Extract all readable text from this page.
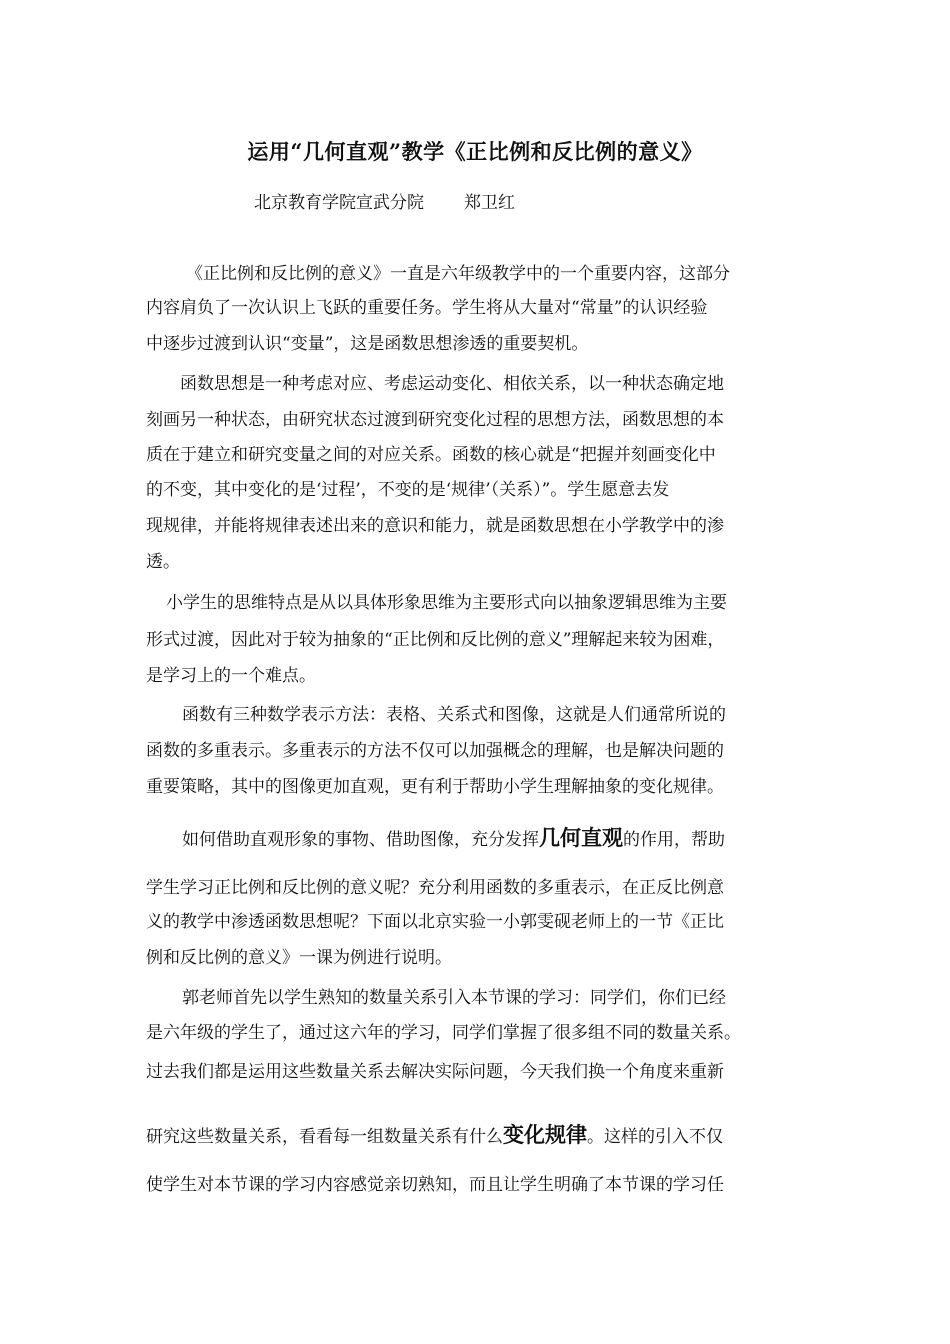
运用“几何直观”教学《正比例和反比例的意义》
北京教育学院宣武分院 郑卫红
《正比例和反比例的意义》一直是六年级教学中的一个重要内容，这部分
内容肩负了一次认识上飞跃的重要任务。学生将从大量对“常量”的认识经验
中逐步过渡到认识“变量”，这是函数思想渗透的重要契机。
函数思想是一种考虑对应、考虑运动变化、相依关系，以一种状态确定地
刻画另一种状态，由研究状态过渡到研究变化过程的思想方法，函数思想的本
质在于建立和研究变量之间的对应关系。函数的核心就是“把握并刻画变化中
的不变，其中变化的是‘过程’，不变的是‘规律’（关系）”。学生愿意去发
现规律，并能将规律表述出来的意识和能力，就是函数思想在小学教学中的渗
透。
小学生的思维特点是从以具体形象思维为主要形式向以抽象逻辑思维为主要
形式过渡，因此对于较为抽象的“正比例和反比例的意义”理解起来较为困难，
是学习上的一个难点。
函数有三种数学表示方法：表格、关系式和图像，这就是人们通常所说的
函数的多重表示。多重表示的方法不仅可以加强概念的理解，也是解决问题的
重要策略，其中的图像更加直观，更有利于帮助小学生理解抽象的变化规律。
如何借助直观形象的事物、借助图像，充分发挥几何直观的作用，帮助
学生学习正比例和反比例的意义呢？充分利用函数的多重表示，在正反比例意
义的教学中渗透函数思想呢？下面以北京实验一小郭雯砚老师上的一节《正比
例和反比例的意义》一课为例进行说明。
郭老师首先以学生熟知的数量关系引入本节课的学习：同学们，你们已经
是六年级的学生了，通过这六年的学习，同学们掌握了很多组不同的数量关系。
过去我们都是运用这些数量关系去解决实际问题，今天我们换一个角度来重新
研究这些数量关系，看看每一组数量关系有什么变化规律。这样的引入不仅
使学生对本节课的学习内容感觉亲切熟知，而且让学生明确了本节课的学习任
